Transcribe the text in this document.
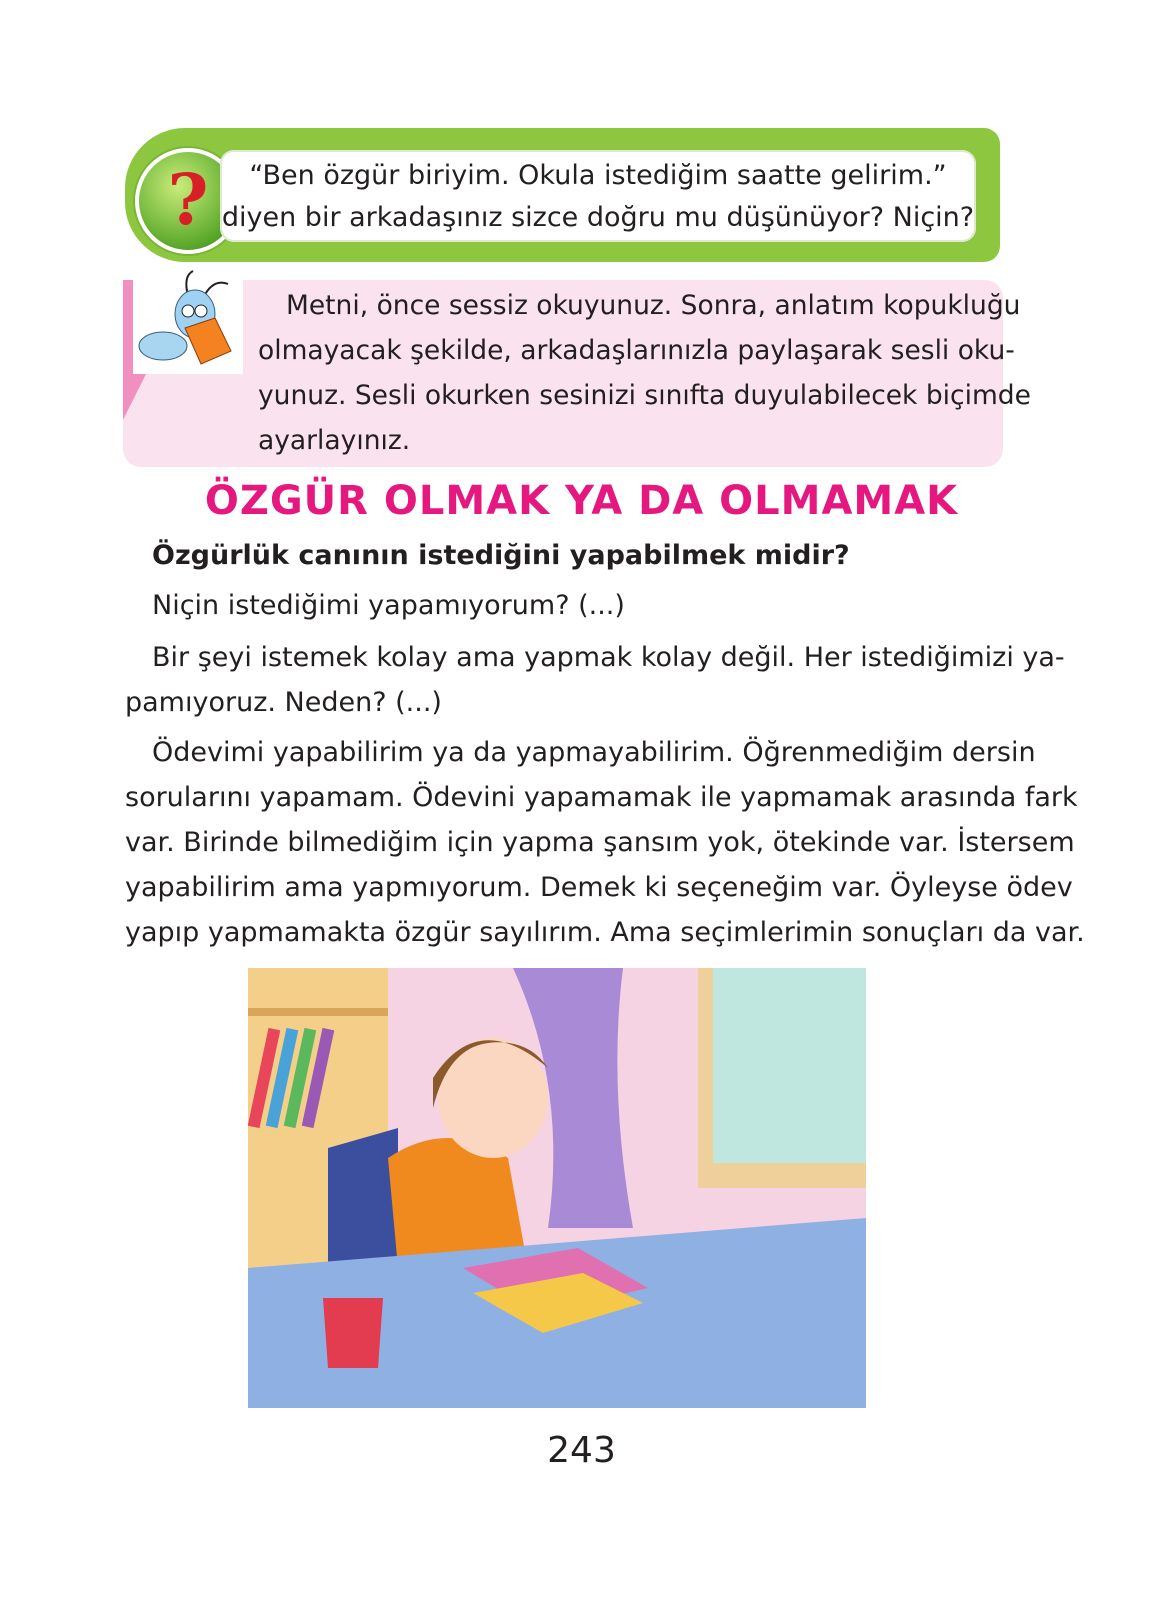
?	“Ben özgür biriyim. Okula istediğim saatte gelirim.”
diyen bir arkadaşınız sizce doğru mu düşünüyor? Niçin?
Metni, önce sessiz okuyunuz. Sonra, anlatım kopukluğu
olmayacak şekilde, arkadaşlarınızla paylaşarak sesli oku-
yunuz. Sesli okurken sesinizi sınıfta duyulabilecek biçimde
ayarlayınız.
ÖZGÜR OLMAK YA DA OLMAMAK
Özgürlük canının istediğini yapabilmek midir?
Niçin istediğimi yapamıyorum? (...)
Bir şeyi istemek kolay ama yapmak kolay değil. Her istediğimizi ya-
pamıyoruz. Neden? (...)
Ödevimi yapabilirim ya da yapmayabilirim. Öğrenmediğim dersin
sorularını yapamam. Ödevini yapamamak ile yapmamak arasında fark
var. Birinde bilmediğim için yapma şansım yok, ötekinde var. İstersem
yapabilirim ama yapmıyorum. Demek ki seçeneğim var. Öyleyse ödev
yapıp yapmamakta özgür sayılırım. Ama seçimlerimin sonuçları da var.
243
